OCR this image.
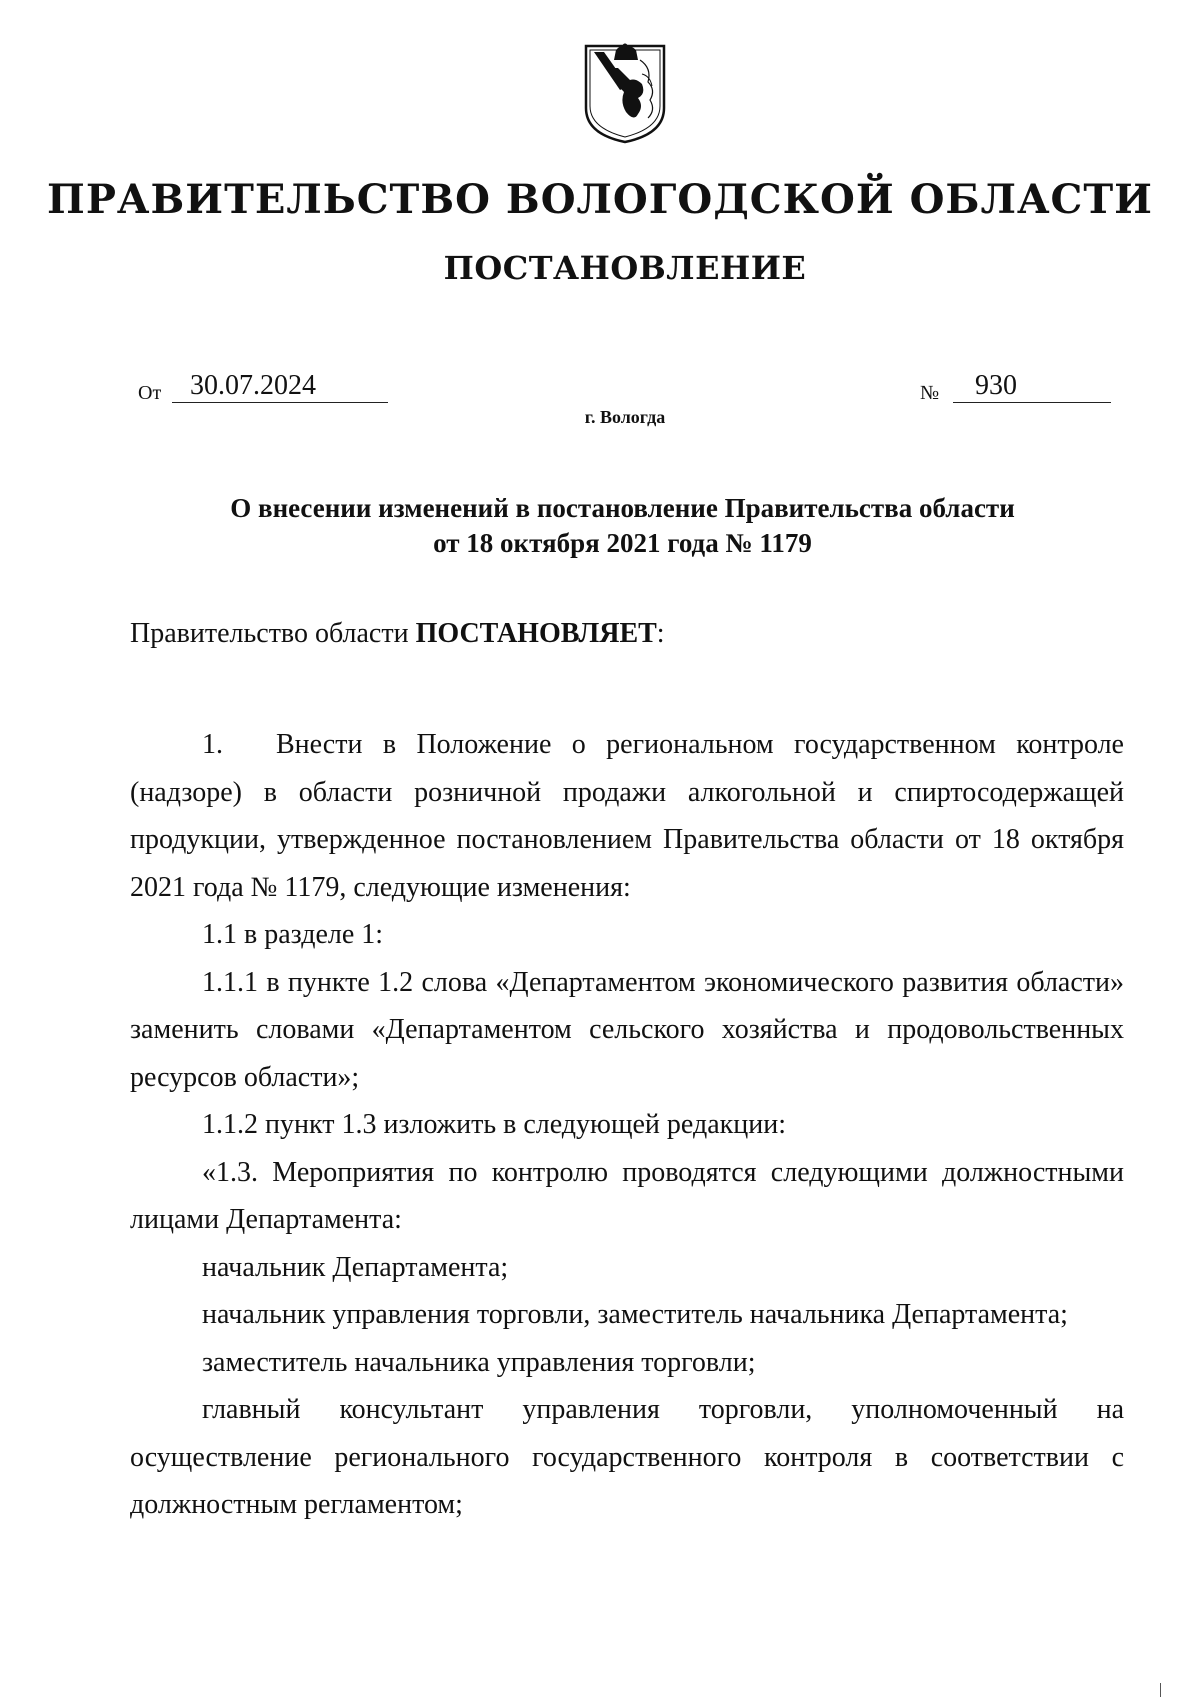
ПРАВИТЕЛЬСТВО ВОЛОГОДСКОЙ ОБЛАСТИ
ПОСТАНОВЛЕНИЕ
От 30.07.2024	№ 930
г. Вологда
О внесении изменений в постановление Правительства области
от 18 октября 2021 года № 1179
Правительство области ПОСТАНОВЛЯЕТ:

1. Внести в Положение о региональном государственном контроле (надзоре) в области розничной продажи алкогольной и спиртосодержащей продукции, утвержденное постановлением Правительства области от 18 октября 2021 года № 1179, следующие изменения:

1.1 в разделе 1:

1.1.1 в пункте 1.2 слова «Департаментом экономического развития области» заменить словами «Департаментом сельского хозяйства и продовольственных ресурсов области»;

1.1.2 пункт 1.3 изложить в следующей редакции:

«1.3. Мероприятия по контролю проводятся следующими должностными лицами Департамента:

начальник Департамента;

начальник управления торговли, заместитель начальника Департамента;

заместитель начальника управления торговли;

главный консультант управления торговли, уполномоченный на осуществление регионального государственного контроля в соответствии с должностным регламентом;
